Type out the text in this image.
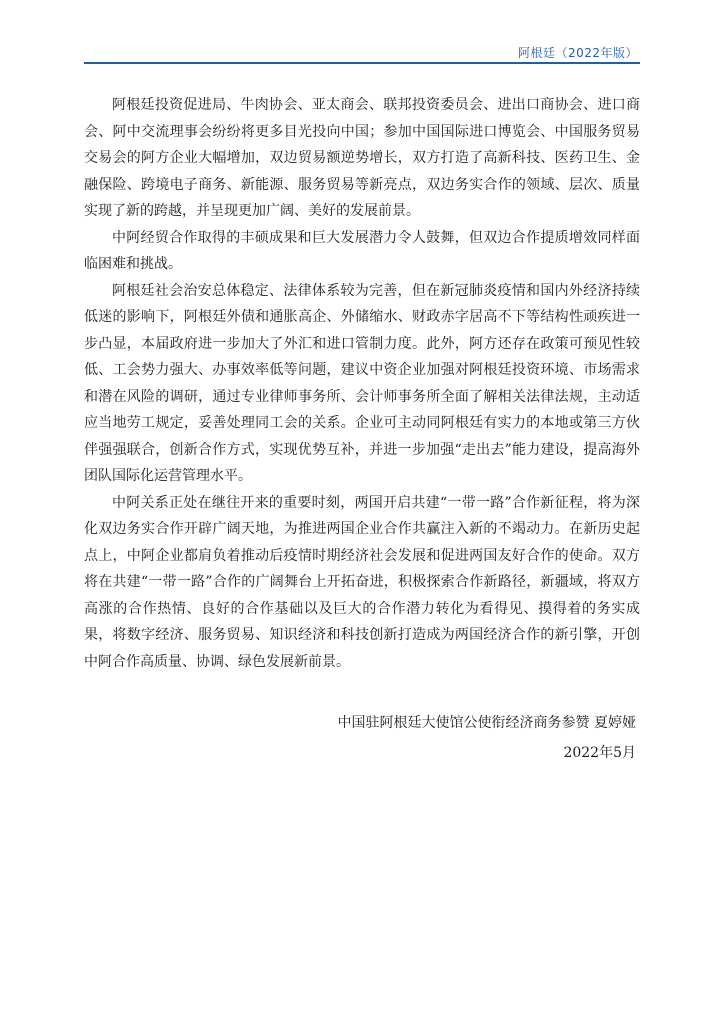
阿根廷（2022年版）

阿根廷投资促进局、牛肉协会、亚太商会、联邦投资委员会、进出口商协会、进口商会、阿中交流理事会纷纷将更多目光投向中国；参加中国国际进口博览会、中国服务贸易交易会的阿方企业大幅增加，双边贸易额逆势增长，双方打造了高新科技、医药卫生、金融保险、跨境电子商务、新能源、服务贸易等新亮点，双边务实合作的领域、层次、质量实现了新的跨越，并呈现更加广阔、美好的发展前景。

中阿经贸合作取得的丰硕成果和巨大发展潜力令人鼓舞，但双边合作提质增效同样面临困难和挑战。

阿根廷社会治安总体稳定、法律体系较为完善，但在新冠肺炎疫情和国内外经济持续低迷的影响下，阿根廷外债和通胀高企、外储缩水、财政赤字居高不下等结构性顽疾进一步凸显，本届政府进一步加大了外汇和进口管制力度。此外，阿方还存在政策可预见性较低、工会势力强大、办事效率低等问题，建议中资企业加强对阿根廷投资环境、市场需求和潜在风险的调研，通过专业律师事务所、会计师事务所全面了解相关法律法规，主动适应当地劳工规定，妥善处理同工会的关系。企业可主动同阿根廷有实力的本地或第三方伙伴强强联合，创新合作方式，实现优势互补，并进一步加强“走出去”能力建设，提高海外团队国际化运营管理水平。

中阿关系正处在继往开来的重要时刻，两国开启共建“一带一路”合作新征程，将为深化双边务实合作开辟广阔天地，为推进两国企业合作共赢注入新的不竭动力。在新历史起点上，中阿企业都肩负着推动后疫情时期经济社会发展和促进两国友好合作的使命。双方将在共建“一带一路”合作的广阔舞台上开拓奋进，积极探索合作新路径，新疆域，将双方高涨的合作热情、良好的合作基础以及巨大的合作潜力转化为看得见、摸得着的务实成果，将数字经济、服务贸易、知识经济和科技创新打造成为两国经济合作的新引擎，开创中阿合作高质量、协调、绿色发展新前景。

中国驻阿根廷大使馆公使衔经济商务参赞 夏婷娅
2022年5月
